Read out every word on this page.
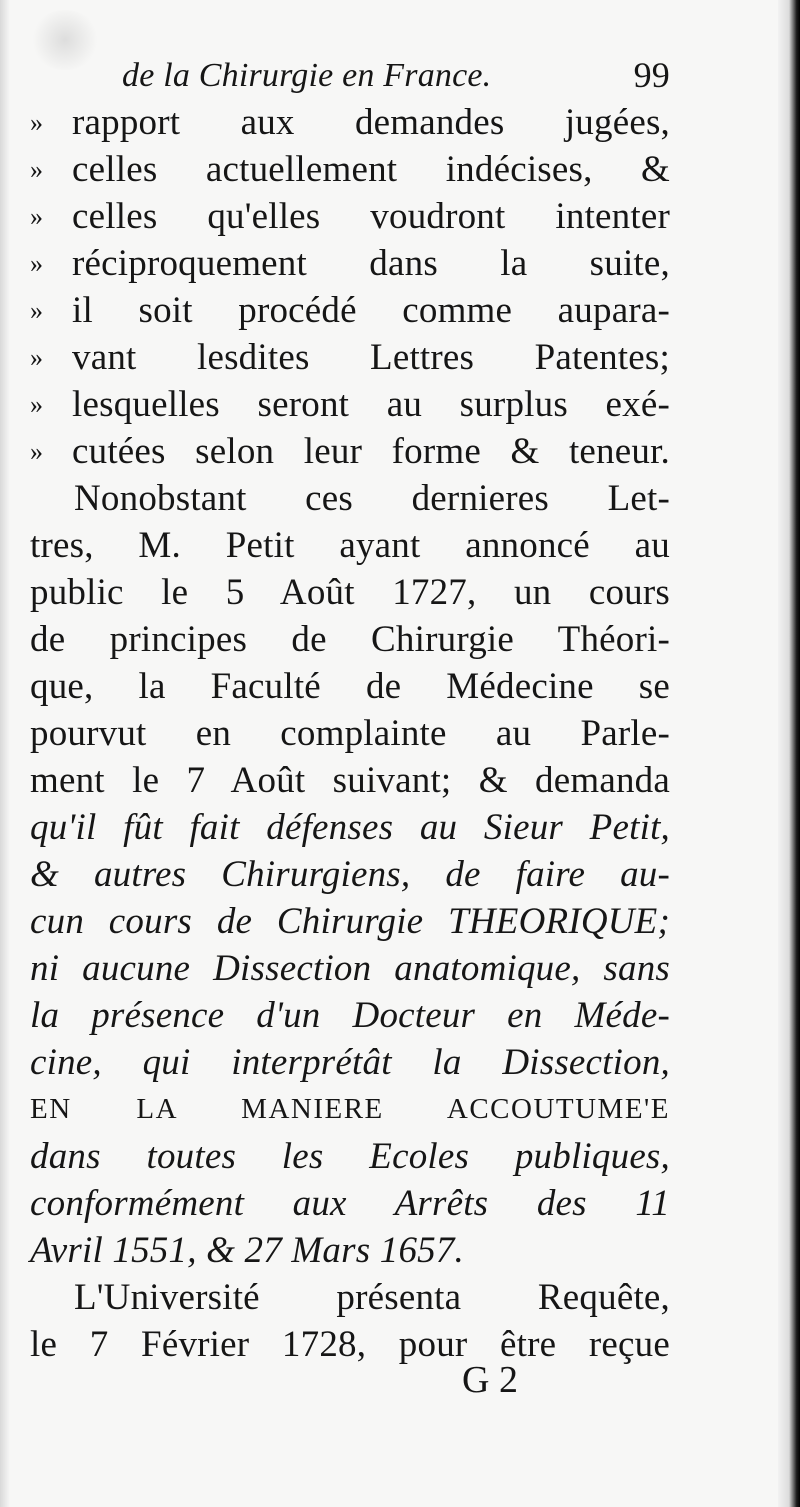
de la Chirurgie en France.	99
» rapport aux demandes jugées,
» celles actuellement indécises, &
» celles qu'elles voudront intenter
» réciproquement dans la suite,
» il soit procédé comme aupara-
» vant lesdites Lettres Patentes;
» lesquelles seront au surplus exé-
» cutées selon leur forme & teneur.
Nonobstant ces dernieres Let-
tres, M. Petit ayant annoncé au
public le 5 Août 1727, un cours
de principes de Chirurgie Théori-
que, la Faculté de Médecine se
pourvut en complainte au Parle-
ment le 7 Août suivant; & demanda
qu'il fût fait défenses au Sieur Petit,
& autres Chirurgiens, de faire au-
cun cours de Chirurgie THEORIQUE;
ni aucune Dissection anatomique, sans
la présence d'un Docteur en Méde-
cine, qui interprétât la Dissection,
EN LA MANIERE ACCOUTUME'E
dans toutes les Ecoles publiques,
conformément aux Arrêts des 11
Avril 1551, & 27 Mars 1657.
L'Université présenta Requête,
le 7 Février 1728, pour être reçue
G 2
